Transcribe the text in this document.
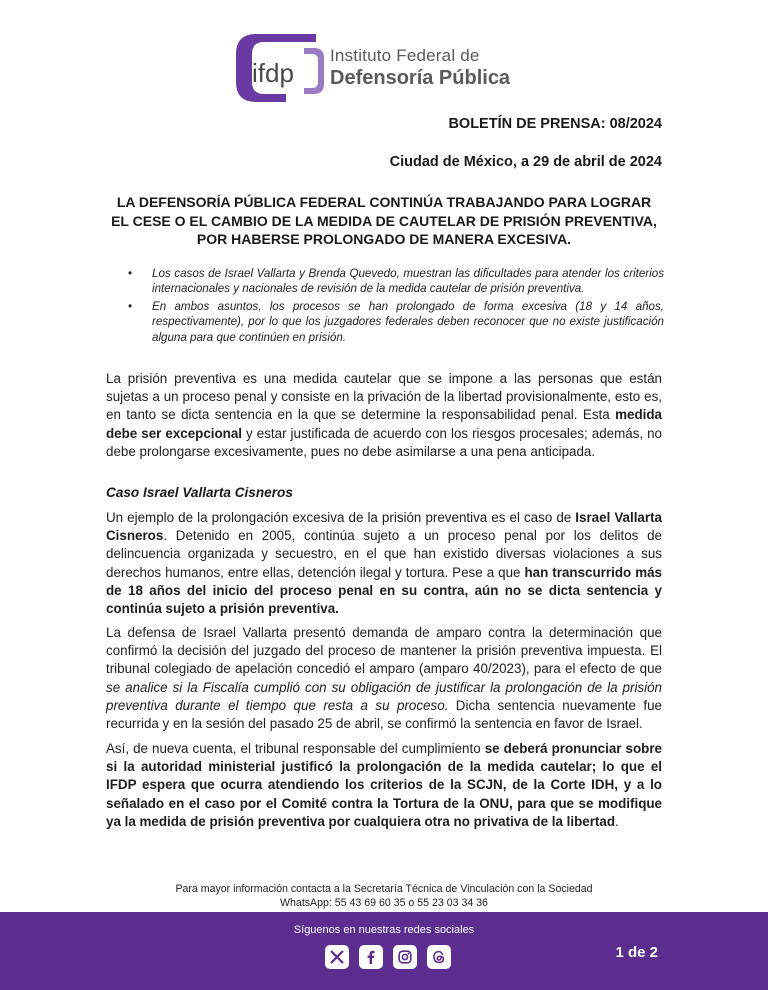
ifdp
Instituto Federal de
Defensoría Pública
BOLETÍN DE PRENSA: 08/2024
Ciudad de México, a 29 de abril de 2024
LA DEFENSORÍA PÚBLICA FEDERAL CONTINÚA TRABAJANDO PARA LOGRAR EL CESE O EL CAMBIO DE LA MEDIDA DE CAUTELAR DE PRISIÓN PREVENTIVA, POR HABERSE PROLONGADO DE MANERA EXCESIVA.
• Los casos de Israel Vallarta y Brenda Quevedo, muestran las dificultades para atender los criterios internacionales y nacionales de revisión de la medida cautelar de prisión preventiva.
• En ambos asuntos, los procesos se han prolongado de forma excesiva (18 y 14 años, respectivamente), por lo que los juzgadores federales deben reconocer que no existe justificación alguna para que continúen en prisión.

La prisión preventiva es una medida cautelar que se impone a las personas que están sujetas a un proceso penal y consiste en la privación de la libertad provisionalmente, esto es, en tanto se dicta sentencia en la que se determine la responsabilidad penal. Esta medida debe ser excepcional y estar justificada de acuerdo con los riesgos procesales; además, no debe prolongarse excesivamente, pues no debe asimilarse a una pena anticipada.

Caso Israel Vallarta Cisneros

Un ejemplo de la prolongación excesiva de la prisión preventiva es el caso de Israel Vallarta Cisneros. Detenido en 2005, continúa sujeto a un proceso penal por los delitos de delincuencia organizada y secuestro, en el que han existido diversas violaciones a sus derechos humanos, entre ellas, detención ilegal y tortura. Pese a que han transcurrido más de 18 años del inicio del proceso penal en su contra, aún no se dicta sentencia y continúa sujeto a prisión preventiva.

La defensa de Israel Vallarta presentó demanda de amparo contra la determinación que confirmó la decisión del juzgado del proceso de mantener la prisión preventiva impuesta. El tribunal colegiado de apelación concedió el amparo (amparo 40/2023), para el efecto de que se analice si la Fiscalía cumplió con su obligación de justificar la prolongación de la prisión preventiva durante el tiempo que resta a su proceso. Dicha sentencia nuevamente fue recurrida y en la sesión del pasado 25 de abril, se confirmó la sentencia en favor de Israel.

Así, de nueva cuenta, el tribunal responsable del cumplimiento se deberá pronunciar sobre si la autoridad ministerial justificó la prolongación de la medida cautelar; lo que el IFDP espera que ocurra atendiendo los criterios de la SCJN, de la Corte IDH, y a lo señalado en el caso por el Comité contra la Tortura de la ONU, para que se modifique ya la medida de prisión preventiva por cualquiera otra no privativa de la libertad.

Para mayor información contacta a la Secretaría Técnica de Vinculación con la Sociedad
WhatsApp: 55 43 69 60 35 o 55 23 03 34 36
Síguenos en nuestras redes sociales
1 de 2
